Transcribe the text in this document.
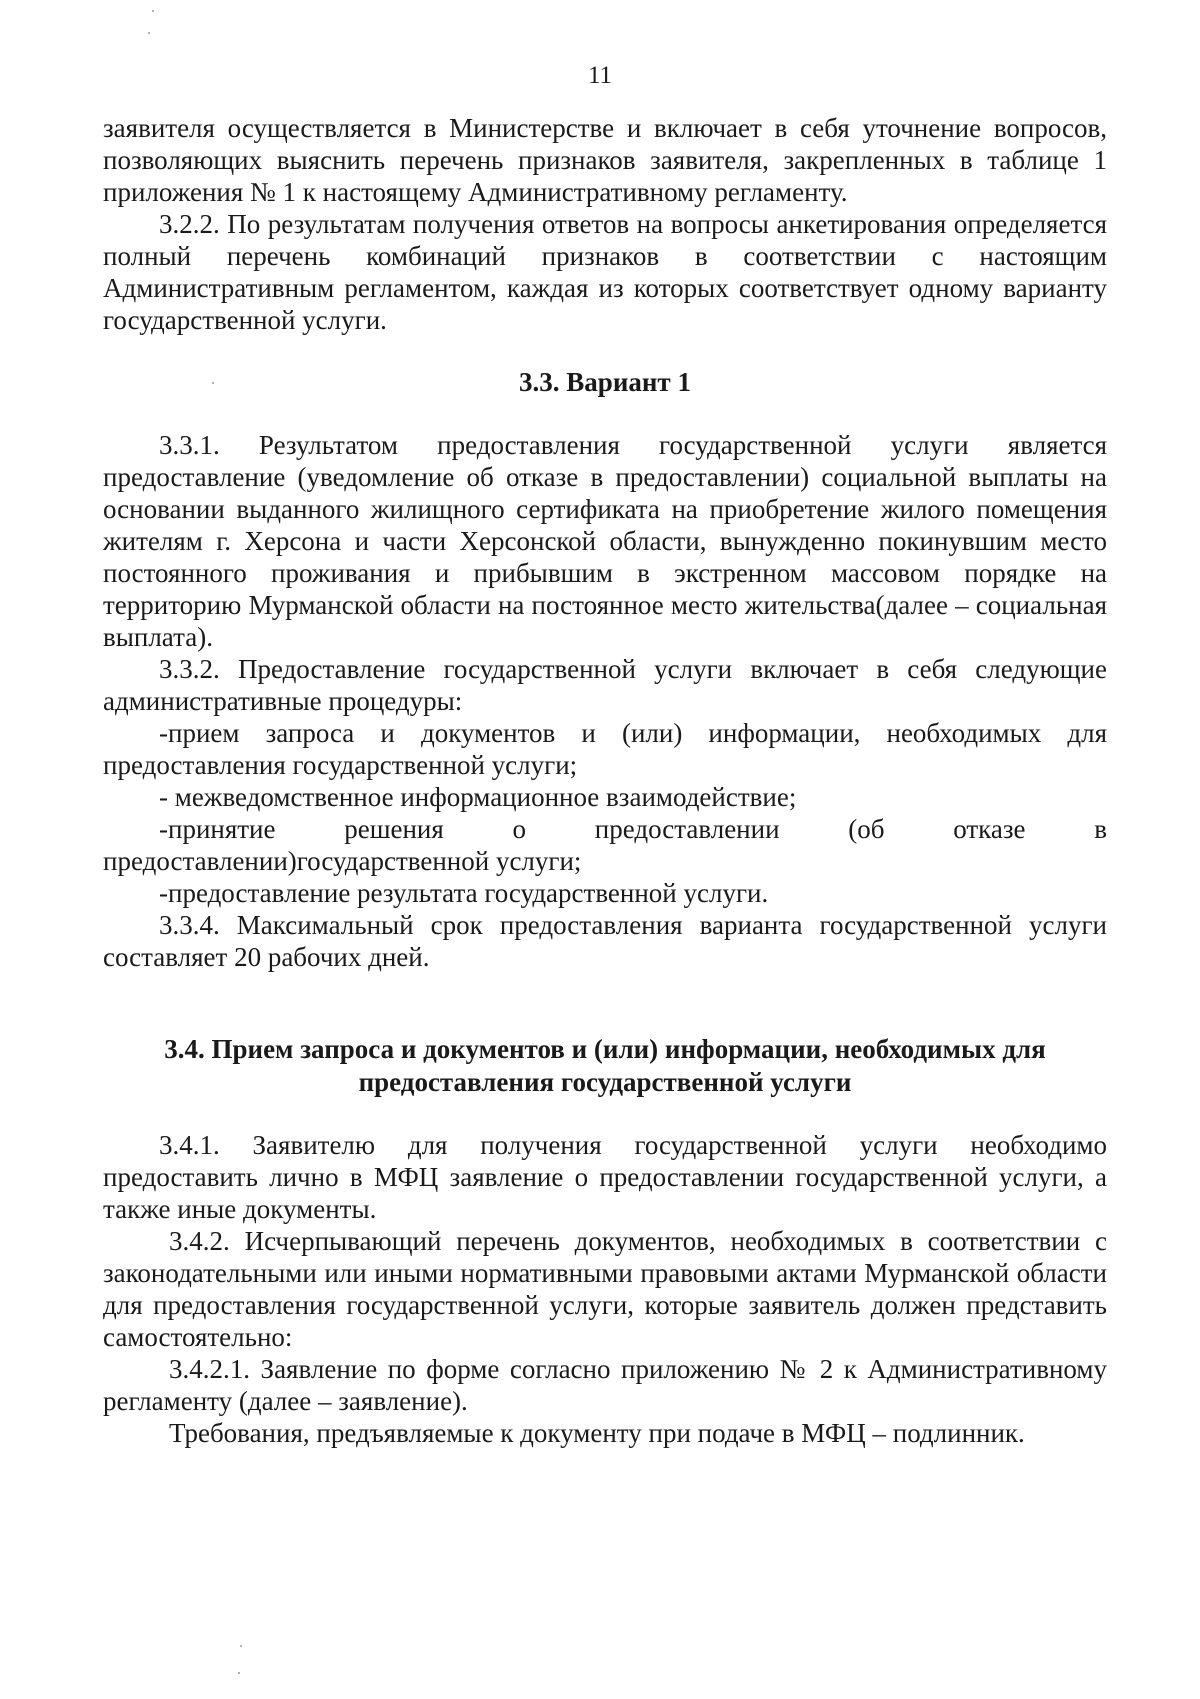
11

заявителя осуществляется в Министерстве и включает в себя уточнение вопросов, позволяющих выяснить перечень признаков заявителя, закрепленных в таблице 1 приложения № 1 к настоящему Административному регламенту.

3.2.2. По результатам получения ответов на вопросы анкетирования определяется полный перечень комбинаций признаков в соответствии с настоящим Административным регламентом, каждая из которых соответствует одному варианту государственной услуги.

3.3. Вариант 1

3.3.1. Результатом предоставления государственной услуги является предоставление (уведомление об отказе в предоставлении) социальной выплаты на основании выданного жилищного сертификата на приобретение жилого помещения жителям г. Херсона и части Херсонской области, вынужденно покинувшим место постоянного проживания и прибывшим в экстренном массовом порядке на территорию Мурманской области на постоянное место жительства(далее – социальная выплата).

3.3.2. Предоставление государственной услуги включает в себя следующие административные процедуры:

-прием запроса и документов и (или) информации, необходимых для предоставления государственной услуги;

- межведомственное информационное взаимодействие;

-принятие решения о предоставлении (об отказе в предоставлении)государственной услуги;

-предоставление результата государственной услуги.

3.3.4. Максимальный срок предоставления варианта государственной услуги составляет 20 рабочих дней.

3.4. Прием запроса и документов и (или) информации, необходимых для
предоставления государственной услуги

3.4.1. Заявителю для получения государственной услуги необходимо предоставить лично в МФЦ заявление о предоставлении государственной услуги, а также иные документы.

3.4.2. Исчерпывающий перечень документов, необходимых в соответствии с законодательными или иными нормативными правовыми актами Мурманской области для предоставления государственной услуги, которые заявитель должен представить самостоятельно:

3.4.2.1. Заявление по форме согласно приложению № 2 к Административному регламенту (далее – заявление).

Требования, предъявляемые к документу при подаче в МФЦ – подлинник.
